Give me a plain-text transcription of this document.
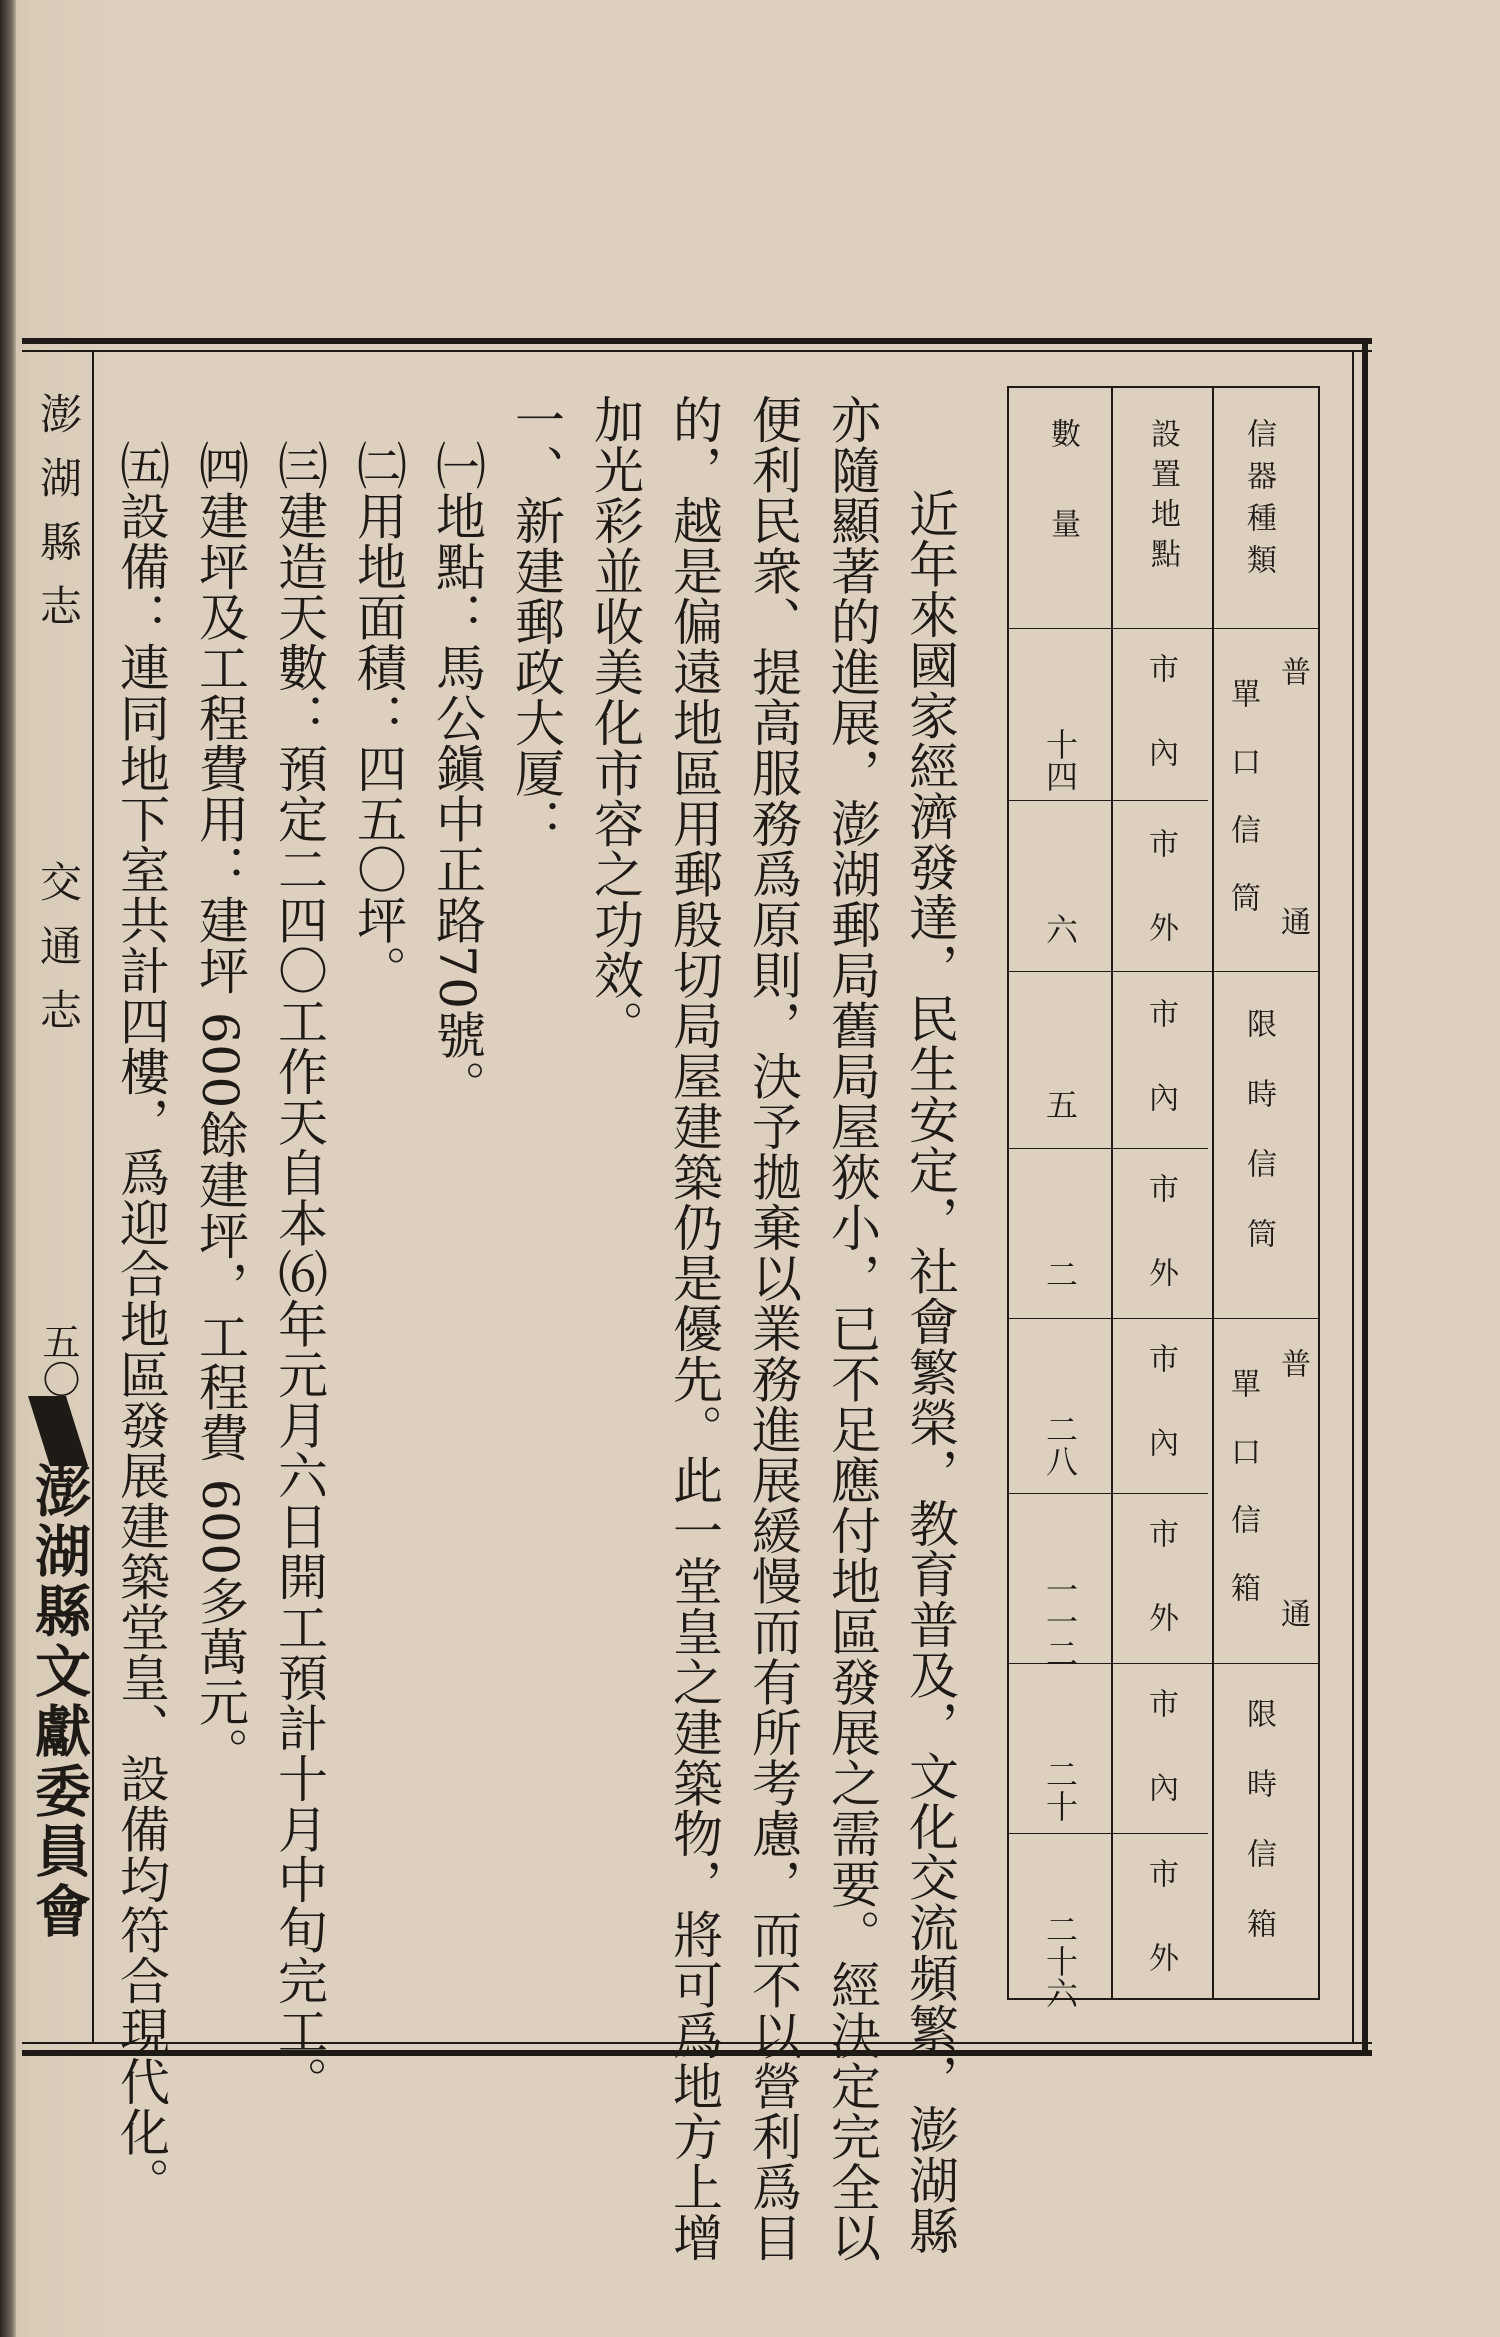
信器種類
設置地點
數量
普通
普通
單口信筒
限時信筒
單口信箱
限時信箱
市內
市外
市內
市外
市內
市外
市內
市外
十四
六
五
二
二八
一一二
二十
二十六
近年來國家經濟發達，民生安定，社會繁榮，教育普及，文化交流頻繁，澎湖縣
亦隨顯著的進展，澎湖郵局舊局屋狹小，已不足應付地區發展之需要。經決定完全以
便利民衆、提高服務爲原則，決予拋棄以業務進展緩慢而有所考慮，而不以營利爲目
的，越是偏遠地區用郵殷切局屋建築仍是優先。此一堂皇之建築物，將可爲地方上增
加光彩並收美化市容之功效。
一、新建郵政大厦：
㈠地點：馬公鎭中正路70號。
㈡用地面積：四五〇坪。
㈢建造天數：預定二四〇工作天自本⑹年元月六日開工預計十月中旬完工。
㈣建坪及工程費用：建坪 600餘建坪，工程費 600多萬元。
㈤設備：連同地下室共計四樓，爲迎合地區發展建築堂皇、設備均符合現代化。
澎湖縣志
交通志
五〇
澎湖縣文獻委員會
